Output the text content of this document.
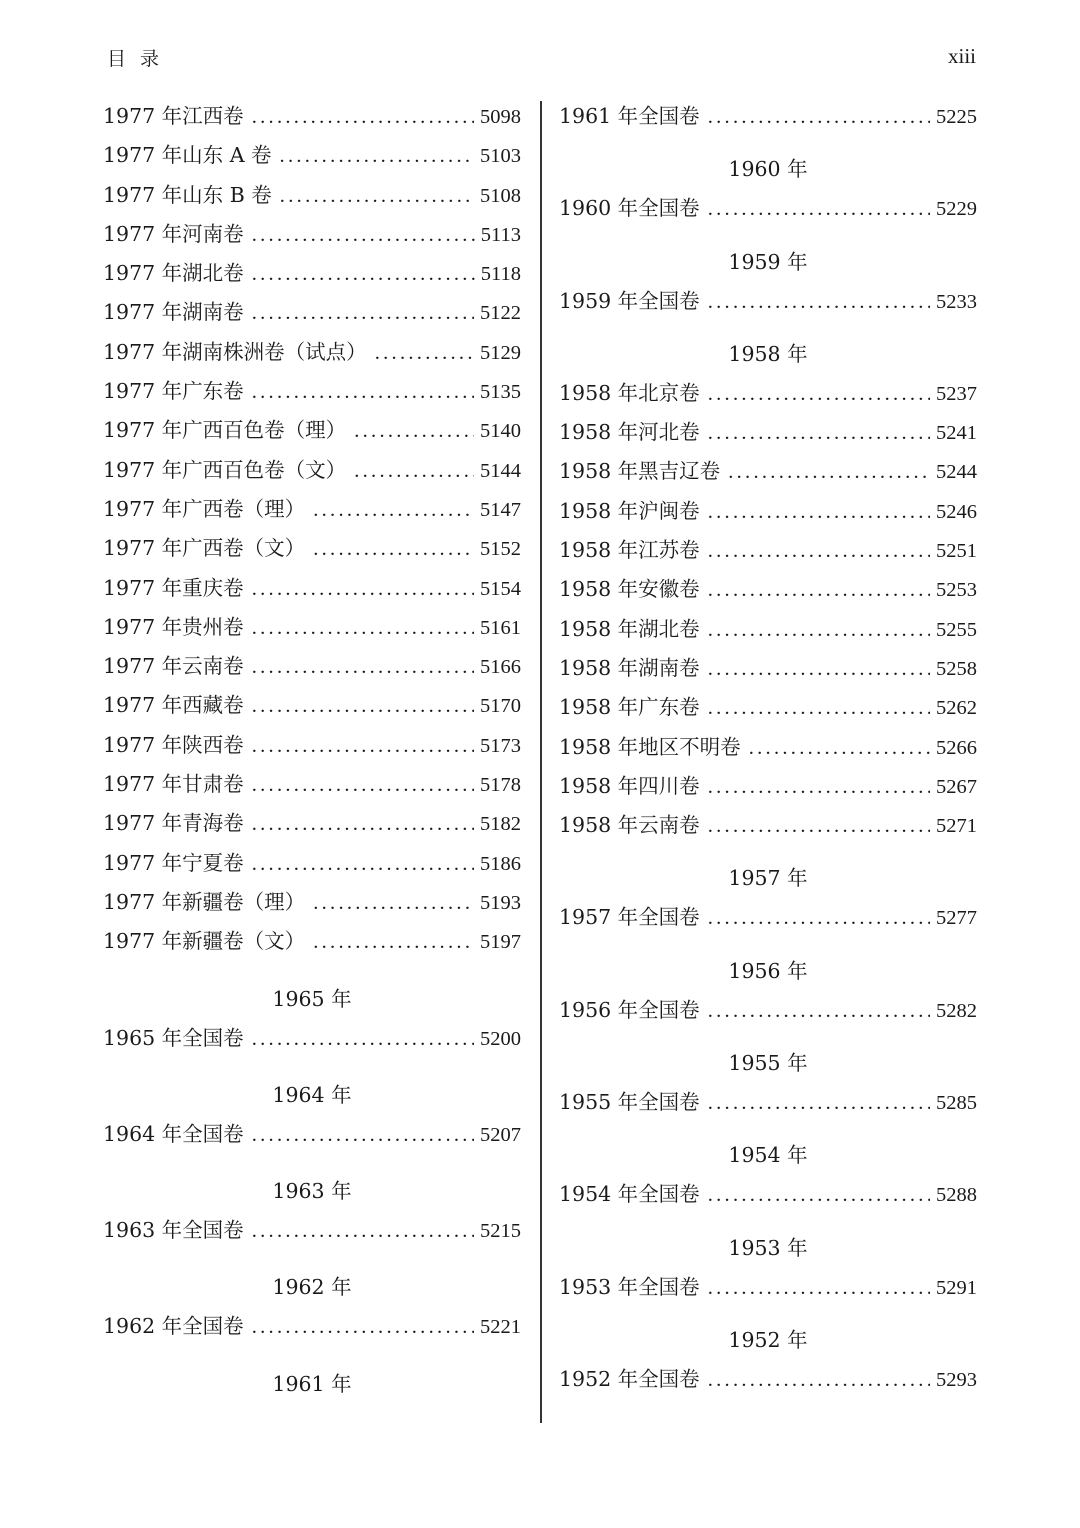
目 录	xiii
1977 年江西卷 .....	5098
1977 年山东 A 卷 .....	5103
1977 年山东 B 卷 .....	5108
1977 年河南卷 .....	5113
1977 年湖北卷 .....	5118
1977 年湖南卷 .....	5122
1977 年湖南株洲卷（试点） .....	5129
1977 年广东卷 .....	5135
1977 年广西百色卷（理） .....	5140
1977 年广西百色卷（文） .....	5144
1977 年广西卷（理） .....	5147
1977 年广西卷（文） .....	5152
1977 年重庆卷 .....	5154
1977 年贵州卷 .....	5161
1977 年云南卷 .....	5166
1977 年西藏卷 .....	5170
1977 年陕西卷 .....	5173
1977 年甘肃卷 .....	5178
1977 年青海卷 .....	5182
1977 年宁夏卷 .....	5186
1977 年新疆卷（理） .....	5193
1977 年新疆卷（文） .....	5197
1965 年
1965 年全国卷 .....	5200
1964 年
1964 年全国卷 .....	5207
1963 年
1963 年全国卷 .....	5215
1962 年
1962 年全国卷 .....	5221
1961 年
1961 年全国卷 .....	5225
1960 年
1960 年全国卷 .....	5229
1959 年
1959 年全国卷 .....	5233
1958 年
1958 年北京卷 .....	5237
1958 年河北卷 .....	5241
1958 年黑吉辽卷 .....	5244
1958 年沪闽卷 .....	5246
1958 年江苏卷 .....	5251
1958 年安徽卷 .....	5253
1958 年湖北卷 .....	5255
1958 年湖南卷 .....	5258
1958 年广东卷 .....	5262
1958 年地区不明卷 .....	5266
1958 年四川卷 .....	5267
1958 年云南卷 .....	5271
1957 年
1957 年全国卷 .....	5277
1956 年
1956 年全国卷 .....	5282
1955 年
1955 年全国卷 .....	5285
1954 年
1954 年全国卷 .....	5288
1953 年
1953 年全国卷 .....	5291
1952 年
1952 年全国卷 .....	5293
